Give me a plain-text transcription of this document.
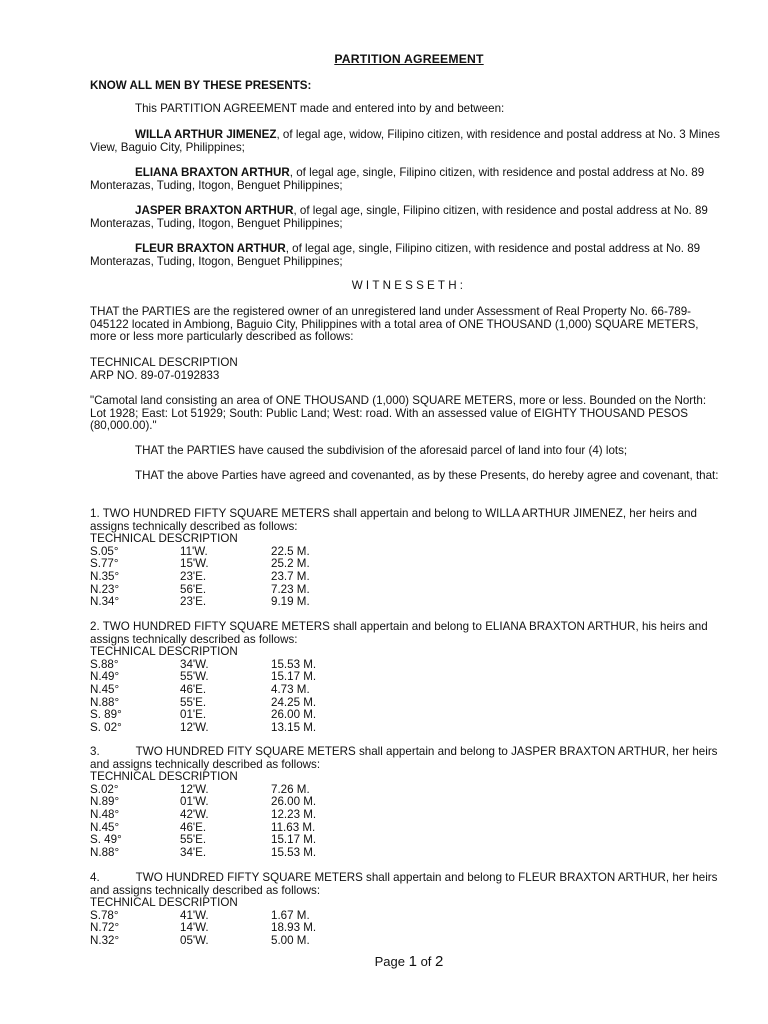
PARTITION AGREEMENT
KNOW ALL MEN BY THESE PRESENTS:
This PARTITION AGREEMENT made and entered into by and between:
WILLA ARTHUR JIMENEZ, of legal age, widow, Filipino citizen, with residence and postal address at No. 3 Mines View, Baguio City, Philippines;
ELIANA BRAXTON ARTHUR, of legal age, single, Filipino citizen, with residence and postal address at No. 89 Monterazas, Tuding, Itogon, Benguet Philippines;
JASPER BRAXTON ARTHUR, of legal age, single, Filipino citizen, with residence and postal address at No. 89 Monterazas, Tuding, Itogon, Benguet Philippines;
FLEUR BRAXTON ARTHUR, of legal age, single, Filipino citizen, with residence and postal address at No. 89 Monterazas, Tuding, Itogon, Benguet Philippines;
WITNESSETH:
THAT the PARTIES are the registered owner of an unregistered land under Assessment of Real Property No. 66-789-045122 located in Ambiong, Baguio City, Philippines with a total area of ONE THOUSAND (1,000) SQUARE METERS, more or less more particularly described as follows:
TECHNICAL DESCRIPTION
ARP NO. 89-07-0192833
"Camotal land consisting an area of ONE THOUSAND (1,000) SQUARE METERS, more or less. Bounded on the North: Lot 1928; East: Lot 51929; South: Public Land; West: road. With an assessed value of EIGHTY THOUSAND PESOS (80,000.00)."
THAT the PARTIES have caused the subdivision of the aforesaid parcel of land into four (4) lots;
THAT the above Parties have agreed and covenanted, as by these Presents, do hereby agree and covenant, that:
1. TWO HUNDRED FIFTY SQUARE METERS shall appertain and belong to WILLA ARTHUR JIMENEZ, her heirs and assigns technically described as follows:
TECHNICAL DESCRIPTION
S.05°	11'W.	22.5 M.
S.77°	15'W.	25.2 M.
N.35°	23'E.	23.7 M.
N.23°	56'E.	7.23 M.
N.34°	23'E.	9.19 M.
2. TWO HUNDRED FIFTY SQUARE METERS shall appertain and belong to ELIANA BRAXTON ARTHUR, his heirs and assigns technically described as follows:
TECHNICAL DESCRIPTION
S.88°	34'W.	15.53 M.
N.49°	55'W.	15.17 M.
N.45°	46'E.	4.73 M.
N.88°	55'E.	24.25 M.
S. 89°	01'E.	26.00 M.
S. 02°	12'W.	13.15 M.
3.	TWO HUNDRED FITY SQUARE METERS shall appertain and belong to JASPER BRAXTON ARTHUR, her heirs and assigns technically described as follows:
TECHNICAL DESCRIPTION
S.02°	12'W.	7.26 M.
N.89°	01'W.	26.00 M.
N.48°	42'W.	12.23 M.
N.45°	46'E.	11.63 M.
S. 49°	55'E.	15.17 M.
N.88°	34'E.	15.53 M.
4.	TWO HUNDRED FIFTY SQUARE METERS shall appertain and belong to FLEUR BRAXTON ARTHUR, her heirs and assigns technically described as follows:
TECHNICAL DESCRIPTION
S.78°	41'W.	1.67 M.
N.72°	14'W.	18.93 M.
N.32°	05'W.	5.00 M.
Page 1 of 2
